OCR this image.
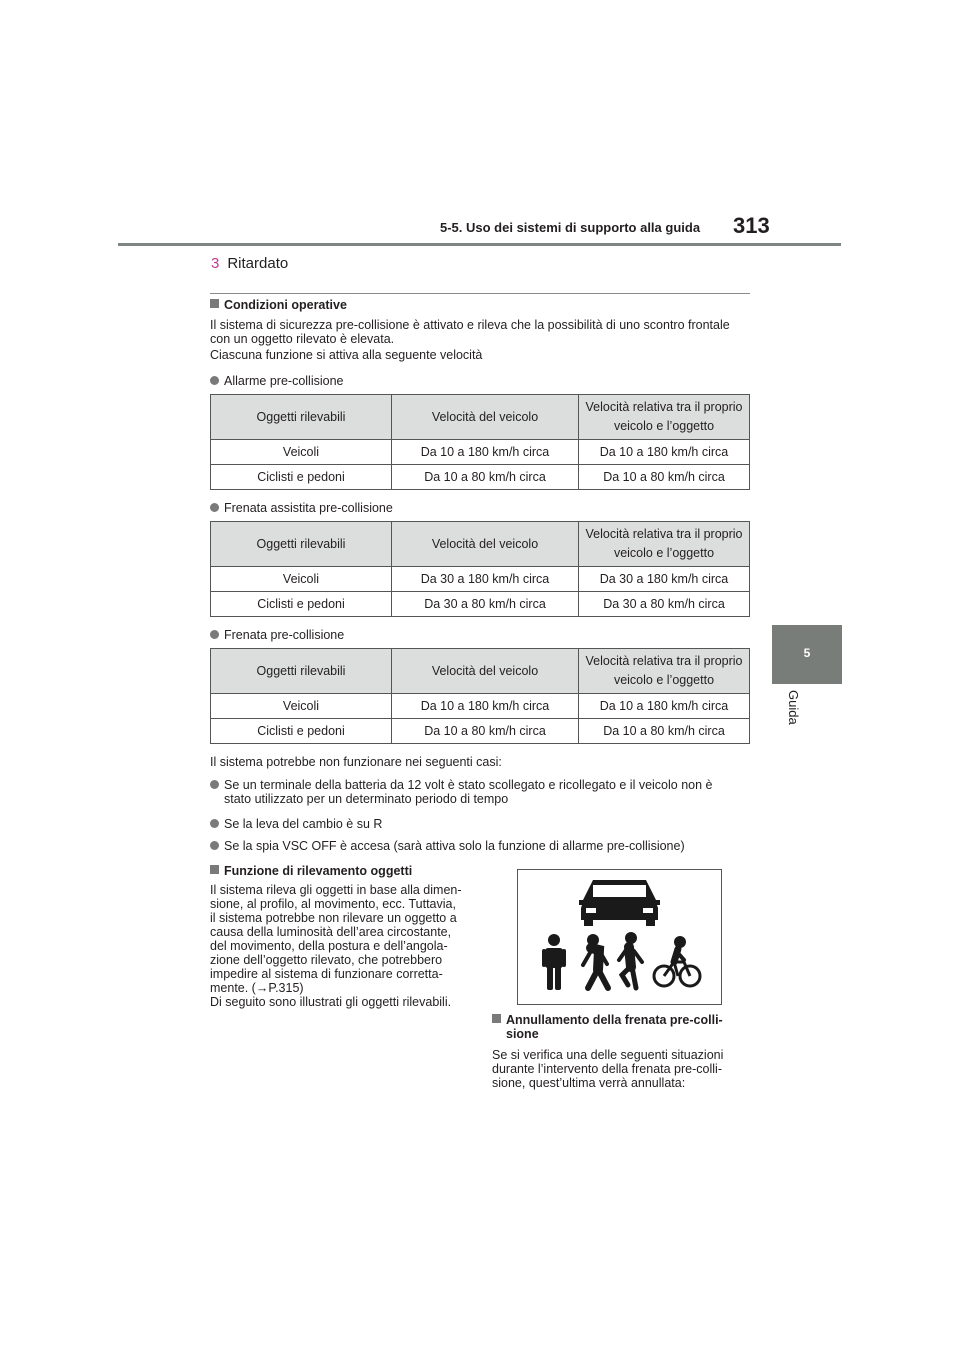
5-5. Uso dei sistemi di supporto alla guida 313
5
Guida
3 Ritardato
Condizioni operative
Il sistema di sicurezza pre-collisione è attivato e rileva che la possibilità di uno scontro frontale con un oggetto rilevato è elevata.
Ciascuna funzione si attiva alla seguente velocità
Allarme pre-collisione
Oggetti rilevabili	Velocità del veicolo	Velocità relativa tra il proprio veicolo e l’oggetto
Veicoli	Da 10 a 180 km/h circa	Da 10 a 180 km/h circa
Ciclisti e pedoni	Da 10 a 80 km/h circa	Da 10 a 80 km/h circa
Frenata assistita pre-collisione
Oggetti rilevabili	Velocità del veicolo	Velocità relativa tra il proprio veicolo e l’oggetto
Veicoli	Da 30 a 180 km/h circa	Da 30 a 180 km/h circa
Ciclisti e pedoni	Da 30 a 80 km/h circa	Da 30 a 80 km/h circa
Frenata pre-collisione
Oggetti rilevabili	Velocità del veicolo	Velocità relativa tra il proprio veicolo e l’oggetto
Veicoli	Da 10 a 180 km/h circa	Da 10 a 180 km/h circa
Ciclisti e pedoni	Da 10 a 80 km/h circa	Da 10 a 80 km/h circa
Il sistema potrebbe non funzionare nei seguenti casi:
Se un terminale della batteria da 12 volt è stato scollegato e ricollegato e il veicolo non è stato utilizzato per un determinato periodo di tempo
Se la leva del cambio è su R
Se la spia VSC OFF è accesa (sarà attiva solo la funzione di allarme pre-collisione)
Funzione di rilevamento oggetti
Il sistema rileva gli oggetti in base alla dimen-
sione, al profilo, al movimento, ecc. Tuttavia,
il sistema potrebbe non rilevare un oggetto a
causa della luminosità dell’area circostante,
del movimento, della postura e dell’angola-
zione dell’oggetto rilevato, che potrebbero
impedire al sistema di funzionare corretta-
mente. (→P.315)
Di seguito sono illustrati gli oggetti rilevabili.
Annullamento della frenata pre-colli-
sione
Se si verifica una delle seguenti situazioni
durante l’intervento della frenata pre-colli-
sione, quest’ultima verrà annullata:
